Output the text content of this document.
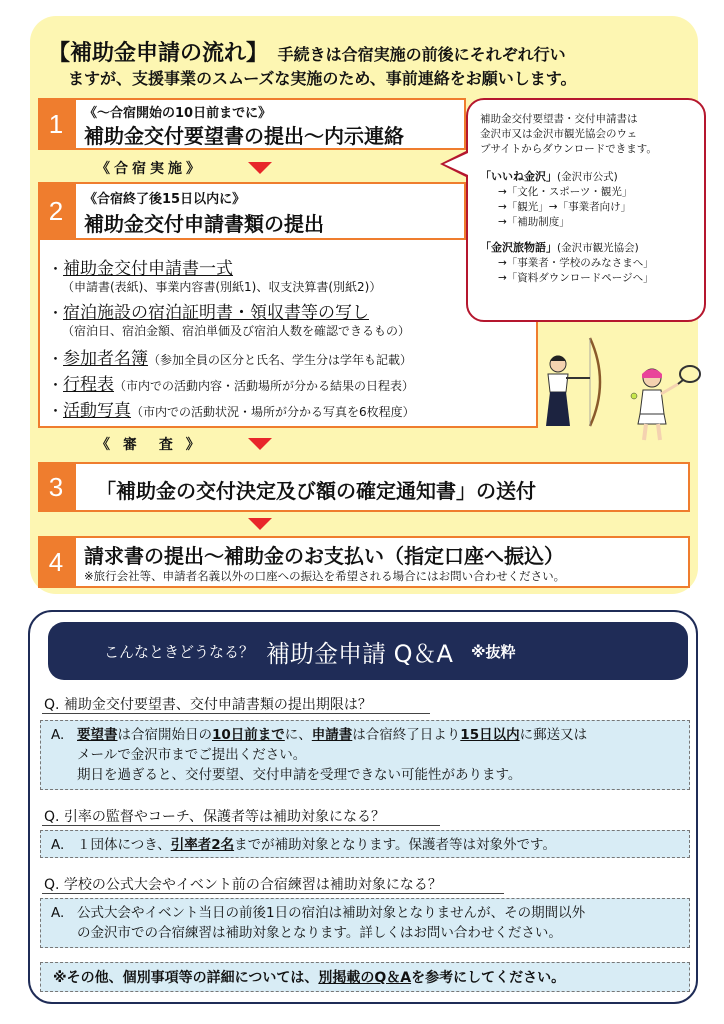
【補助金申請の流れ】 手続きは合宿実施の前後にそれぞれ行い
ますが、支援事業のスムーズな実施のため、事前連絡をお願いします。
1	《～合宿開始の10日前までに》
補助金交付要望書の提出～内示連絡
《合宿実施》
2	《合宿終了後15日以内に》
補助金交付申請書類の提出
・補助金交付申請書一式
（申請書(表紙)、事業内容書(別紙1)、収支決算書(別紙2)）
・宿泊施設の宿泊証明書・領収書等の写し
（宿泊日、宿泊金額、宿泊単価及び宿泊人数を確認できるもの）
・参加者名簿（参加全員の区分と氏名、学生分は学年も記載）
・行程表（市内での活動内容・活動場所が分かる結果の日程表）
・活動写真（市内での活動状況・場所が分かる写真を6枚程度）
補助金交付要望書・交付申請書は
金沢市又は金沢市観光協会のウェ
ブサイトからダウンロードできます。
「いいね金沢」(金沢市公式)
→「文化・スポーツ・観光」
→「観光」→「事業者向け」
→「補助制度」
「金沢旅物語」(金沢市観光協会)
→「事業者・学校のみなさまへ」
→「資料ダウンロードページへ」
《 審　査 》
3	「補助金の交付決定及び額の確定通知書」の送付
4	請求書の提出～補助金のお支払い（指定口座へ振込）
※旅行会社等、申請者名義以外の口座への振込を希望される場合にはお問い合わせください。
こんなときどうなる？ 補助金申請 Q＆A ※抜粋
Q. 補助金交付要望書、交付申請書類の提出期限は？
A. 要望書は合宿開始日の10日前までに、申請書は合宿終了日より15日以内に郵送又は
メールで金沢市までご提出ください。
期日を過ぎると、交付要望、交付申請を受理できない可能性があります。
Q. 引率の監督やコーチ、保護者等は補助対象になる？
A. １団体につき、 引率者2名 までが補助対象となります。保護者等は対象外です。
Q. 学校の公式大会やイベント前の合宿練習は補助対象になる？
A. 公式大会やイベント当日の前後1日の宿泊は補助対象となりませんが、その期間以外
の金沢市での合宿練習は補助対象となります。詳しくはお問い合わせください。
※その他、個別事項等の詳細については、 別掲載のQ＆A を参考にしてください。
